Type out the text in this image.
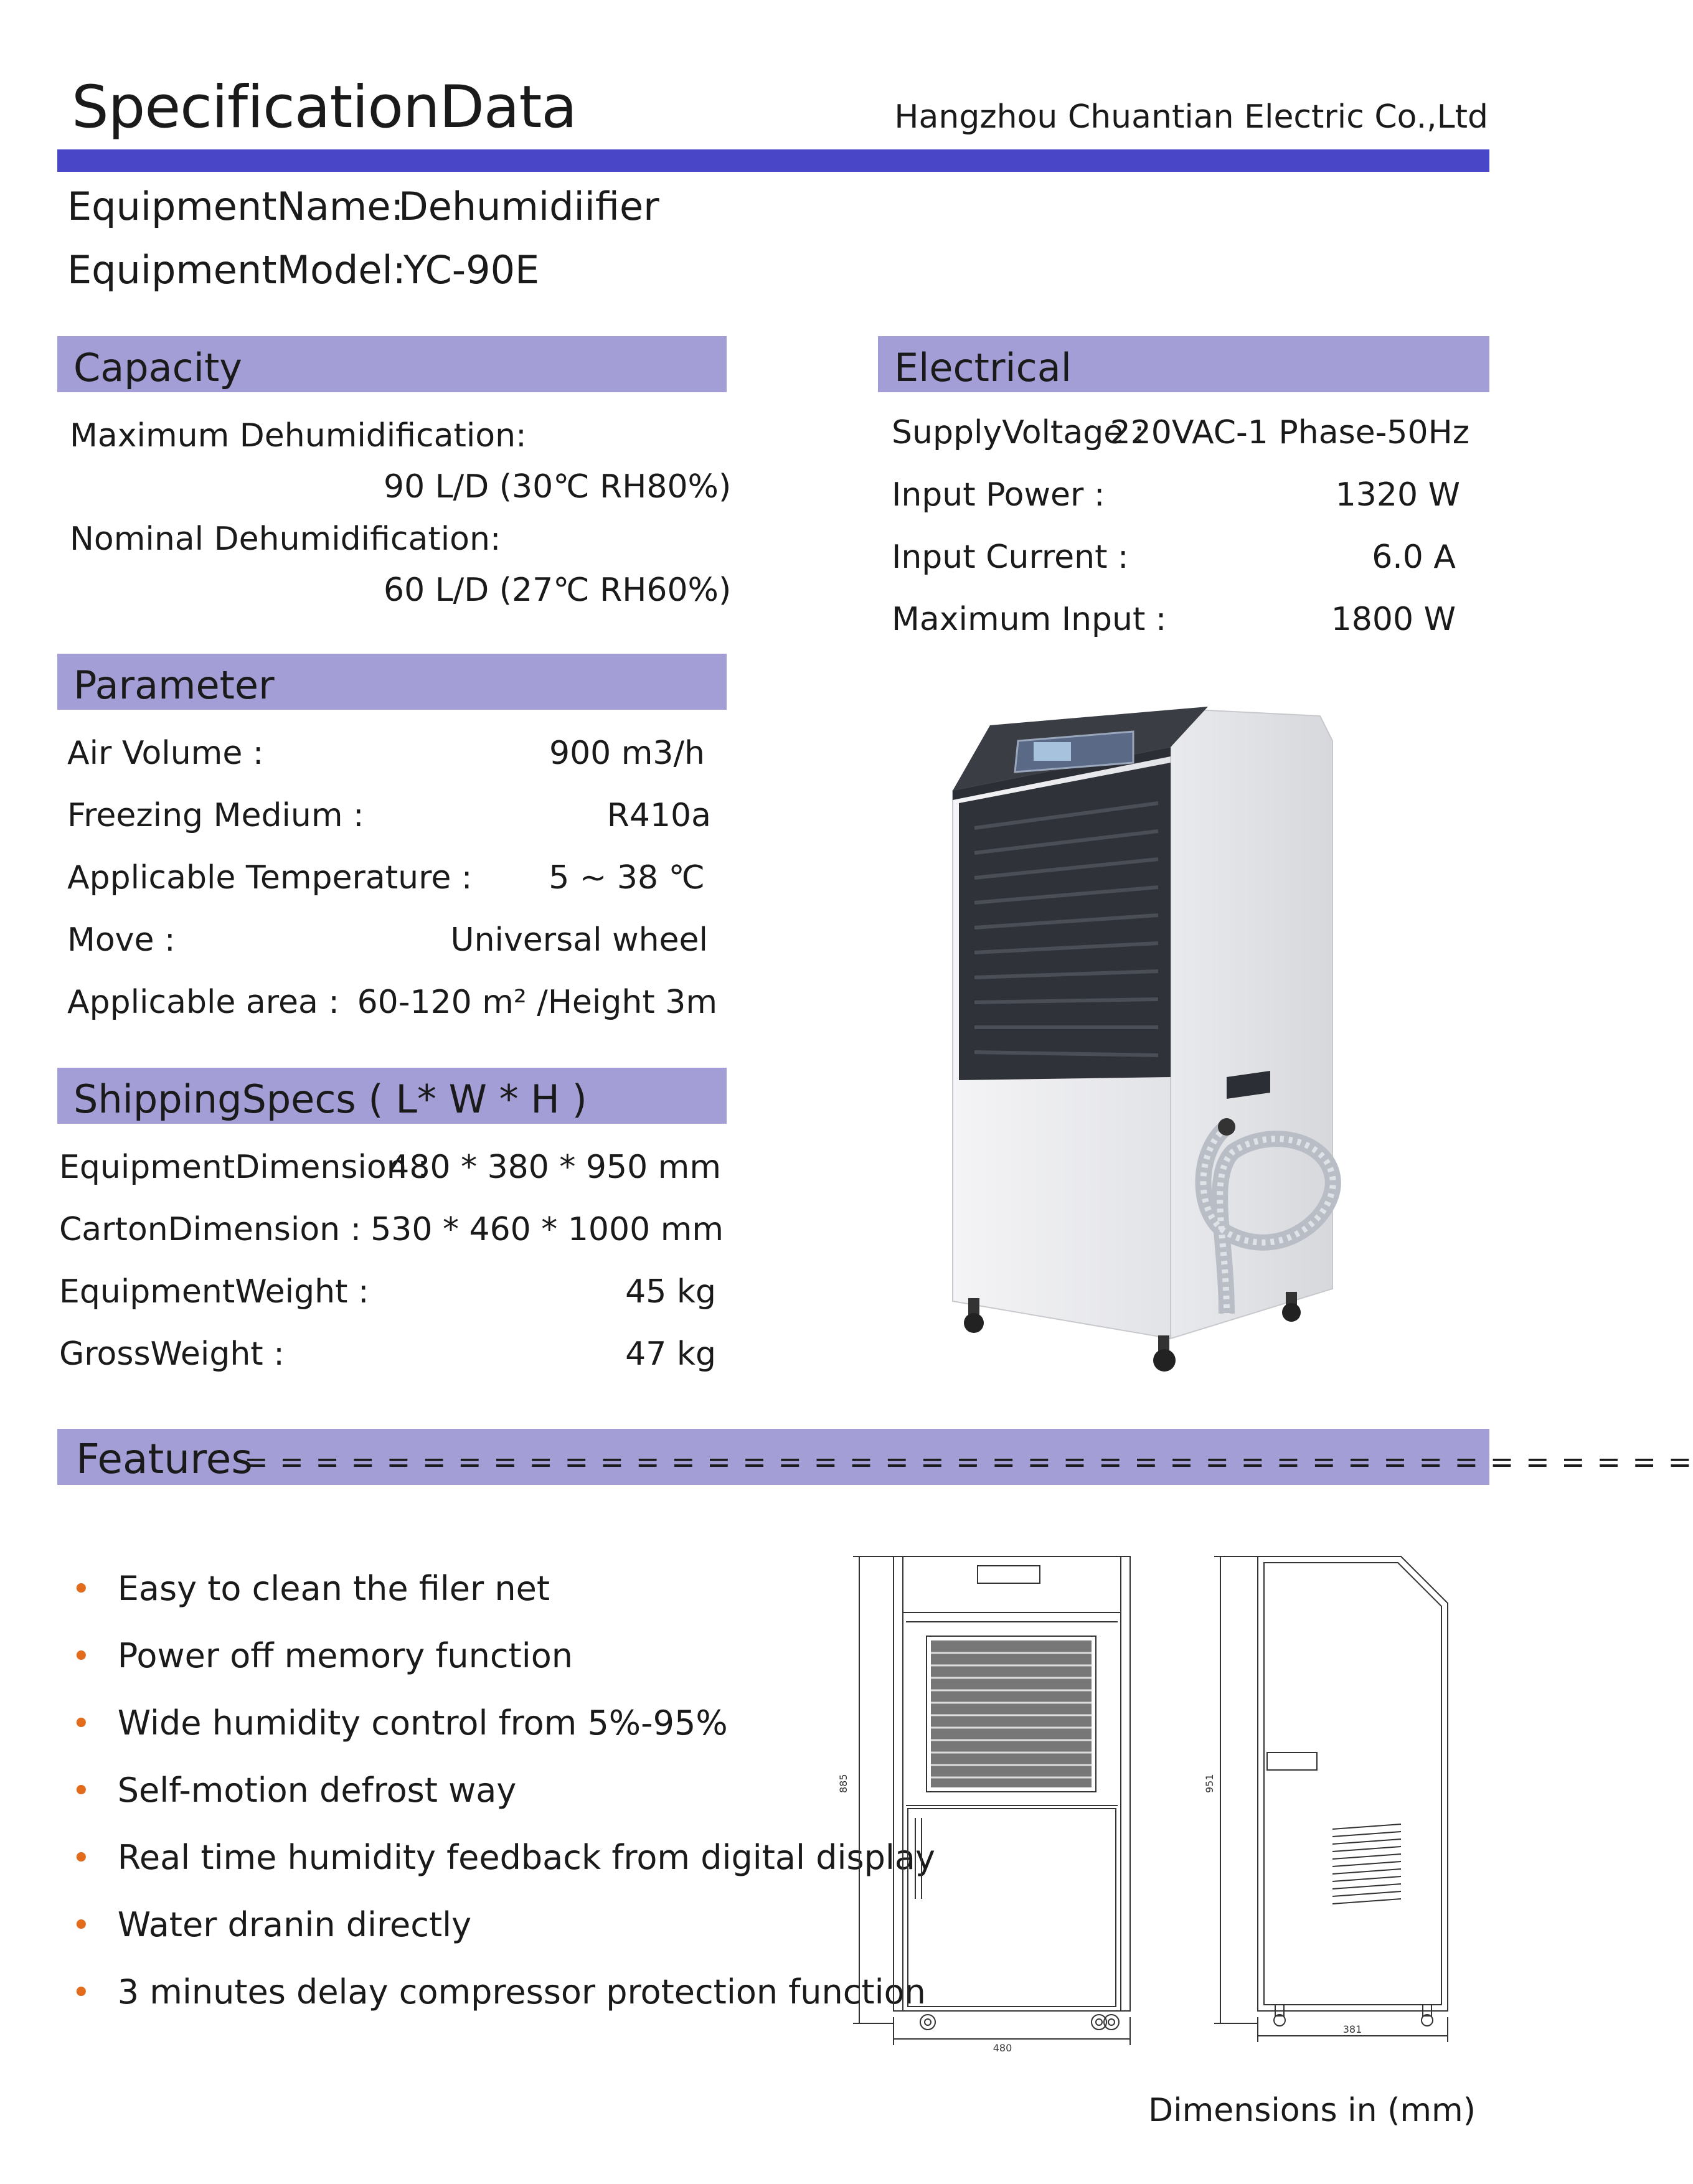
SpecificationData	Hangzhou Chuantian Electric Co.,Ltd
EquipmentName:
Dehumidiifier
EquipmentModel:
YC-90E
Capacity
Maximum Dehumidification:
90 L/D (30℃ RH80%)
Nominal Dehumidification:
60 L/D (27℃ RH60%)
Electrical
SupplyVoltage :
220VAC-1 Phase-50Hz
Input Power :	1320 W
Input Current :	6.0 A
Maximum Input :	1800 W
Parameter
Air Volume :	900 m3/h
Freezing Medium :	R410a
Applicable Temperature : 5 ~ 38 ℃
Move :	Universal wheel
Applicable area : 60-120 m² /Height 3m
ShippingSpecs ( L* W * H )
EquipmentDimension :
480 * 380 * 950 mm
CartonDimension : 530 * 460 * 1000 mm
EquipmentWeight :	45 kg
GrossWeight :	47 kg
Features
= = = = = = = = = = = = = = = = = = = = = = = = = = = = = = = = = = = = = = = = =
• Easy to clean the filer net
• Power off memory function
• Wide humidity control from 5%-95%
• Self-motion defrost way
• Real time humidity feedback from digital display
• Water dranin directly
• 3 minutes delay compressor protection function
885
480
951
381
Dimensions in (mm)
